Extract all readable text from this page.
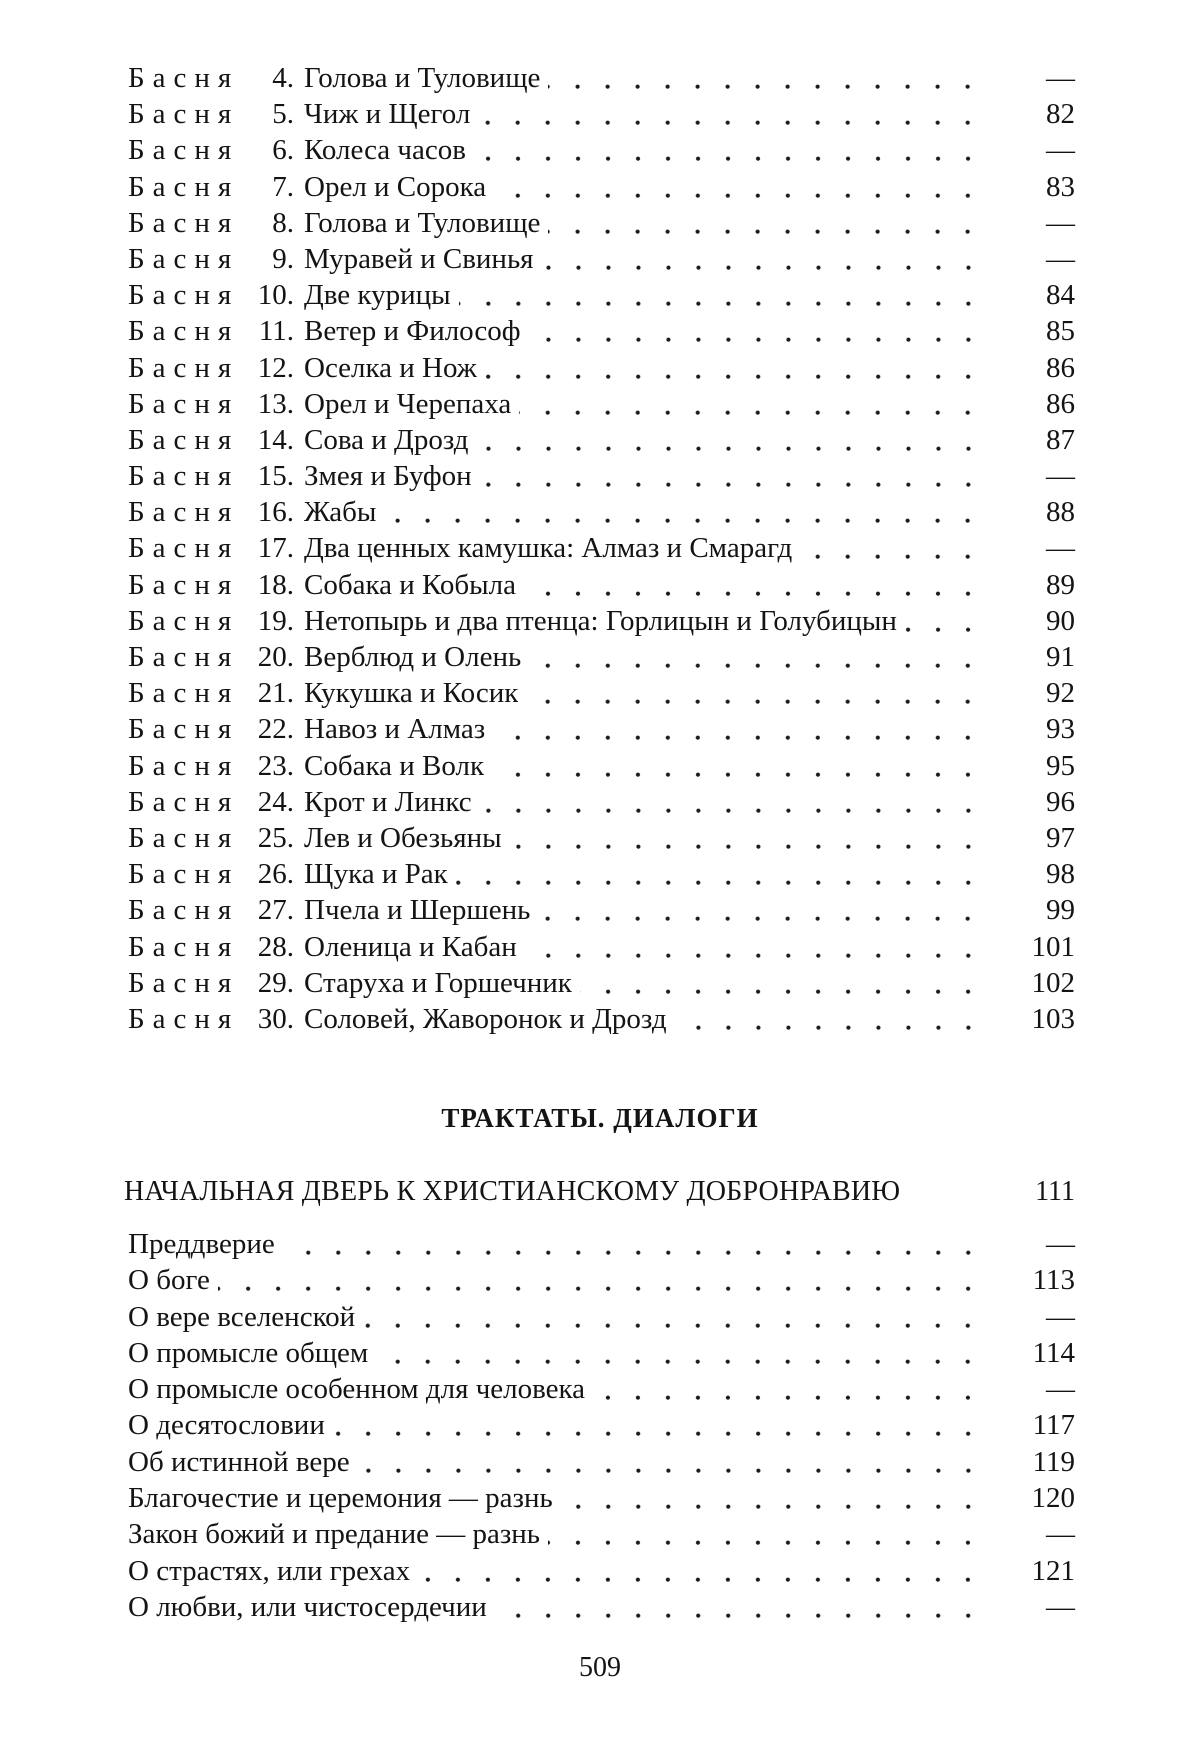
Басня	4. Голова и Туловище	—
Басня	5. Чиж и Щегол	82
Басня	6. Колеса часов	—
Басня	7. Орел и Сорока	83
Басня	8. Голова и Туловище	—
Басня	9. Муравей и Свинья	—
Басня 10. Две курицы	84
Басня 11. Ветер и Философ	85
Басня 12. Оселка и Нож	86
Басня 13. Орел и Черепаха	86
Басня 14. Сова и Дрозд	87
Басня 15. Змея и Буфон	—
Басня 16. Жабы	88
Басня 17. Два ценных камушка: Алмаз и Смарагд	—
Басня 18. Собака и Кобыла	89
Басня 19. Нетопырь и два птенца: Горлицын и Голубицын	90
Басня 20. Верблюд и Олень	91
Басня 21. Кукушка и Косик	92
Басня 22. Навоз и Алмаз	93
Басня 23. Собака и Волк	95
Басня 24. Крот и Линкс	96
Басня 25. Лев и Обезьяны	97
Басня 26. Щука и Рак	98
Басня 27. Пчела и Шершень	99
Басня 28. Оленица и Кабан	101
Басня 29. Старуха и Горшечник	102
Басня 30. Соловей, Жаворонок и Дрозд	103
ТРАКТАТЫ. ДИАЛОГИ
НАЧАЛЬНАЯ ДВЕРЬ К ХРИСТИАНСКОМУ ДОБРОНРАВИЮ	111
Преддверие	—
О боге	113
О вере вселенской	—
О промысле общем	114
О промысле особенном для человека	—
О десятословии	117
Об истинной вере	119
Благочестие и церемония — разнь	120
Закон божий и предание — разнь	—
О страстях, или грехах	121
О любви, или чистосердечии	—
509
